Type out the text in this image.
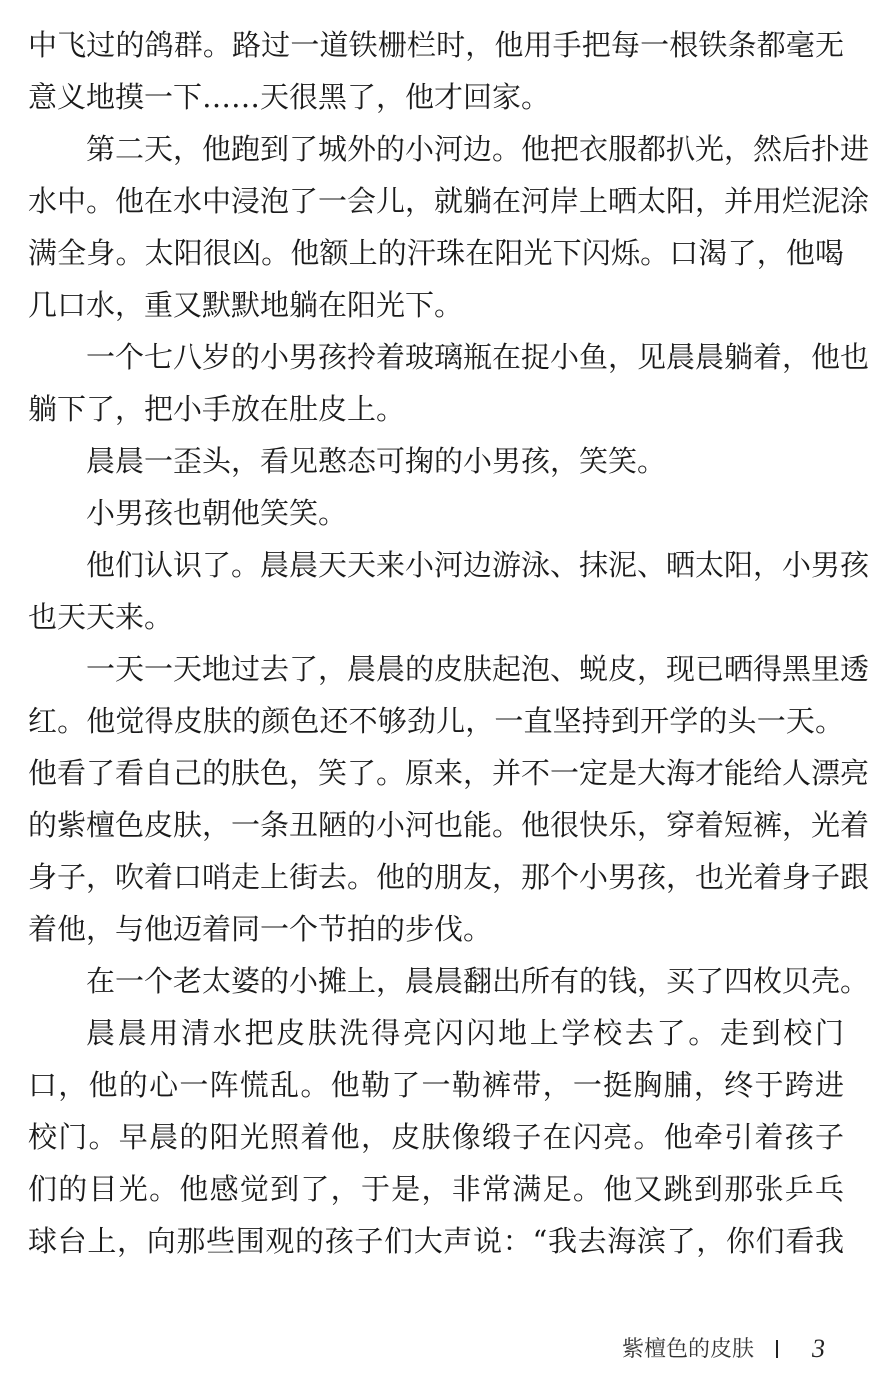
中飞过的鸽群。路过一道铁栅栏时，他用手把每一根铁条都毫无
意义地摸一下……天很黑了，他才回家。
第二天，他跑到了城外的小河边。他把衣服都扒光，然后扑进
水中。他在水中浸泡了一会儿，就躺在河岸上晒太阳，并用烂泥涂
满全身。太阳很凶。他额上的汗珠在阳光下闪烁。口渴了，他喝
几口水，重又默默地躺在阳光下。
一个七八岁的小男孩拎着玻璃瓶在捉小鱼，见晨晨躺着，他也
躺下了，把小手放在肚皮上。
晨晨一歪头，看见憨态可掬的小男孩，笑笑。
小男孩也朝他笑笑。
他们认识了。晨晨天天来小河边游泳、抹泥、晒太阳，小男孩
也天天来。
一天一天地过去了，晨晨的皮肤起泡、蜕皮，现已晒得黑里透
红。他觉得皮肤的颜色还不够劲儿，一直坚持到开学的头一天。
他看了看自己的肤色，笑了。原来，并不一定是大海才能给人漂亮
的紫檀色皮肤，一条丑陋的小河也能。他很快乐，穿着短裤，光着
身子，吹着口哨走上街去。他的朋友，那个小男孩，也光着身子跟
着他，与他迈着同一个节拍的步伐。
在一个老太婆的小摊上，晨晨翻出所有的钱，买了四枚贝壳。
晨晨用清水把皮肤洗得亮闪闪地上学校去了。走到校门
口，他的心一阵慌乱。他勒了一勒裤带，一挺胸脯，终于跨进
校门。早晨的阳光照着他，皮肤像缎子在闪亮。他牵引着孩子
们的目光。他感觉到了，于是，非常满足。他又跳到那张乒乓
球台上，向那些围观的孩子们大声说：“我去海滨了，你们看我
紫檀色的皮肤 3
